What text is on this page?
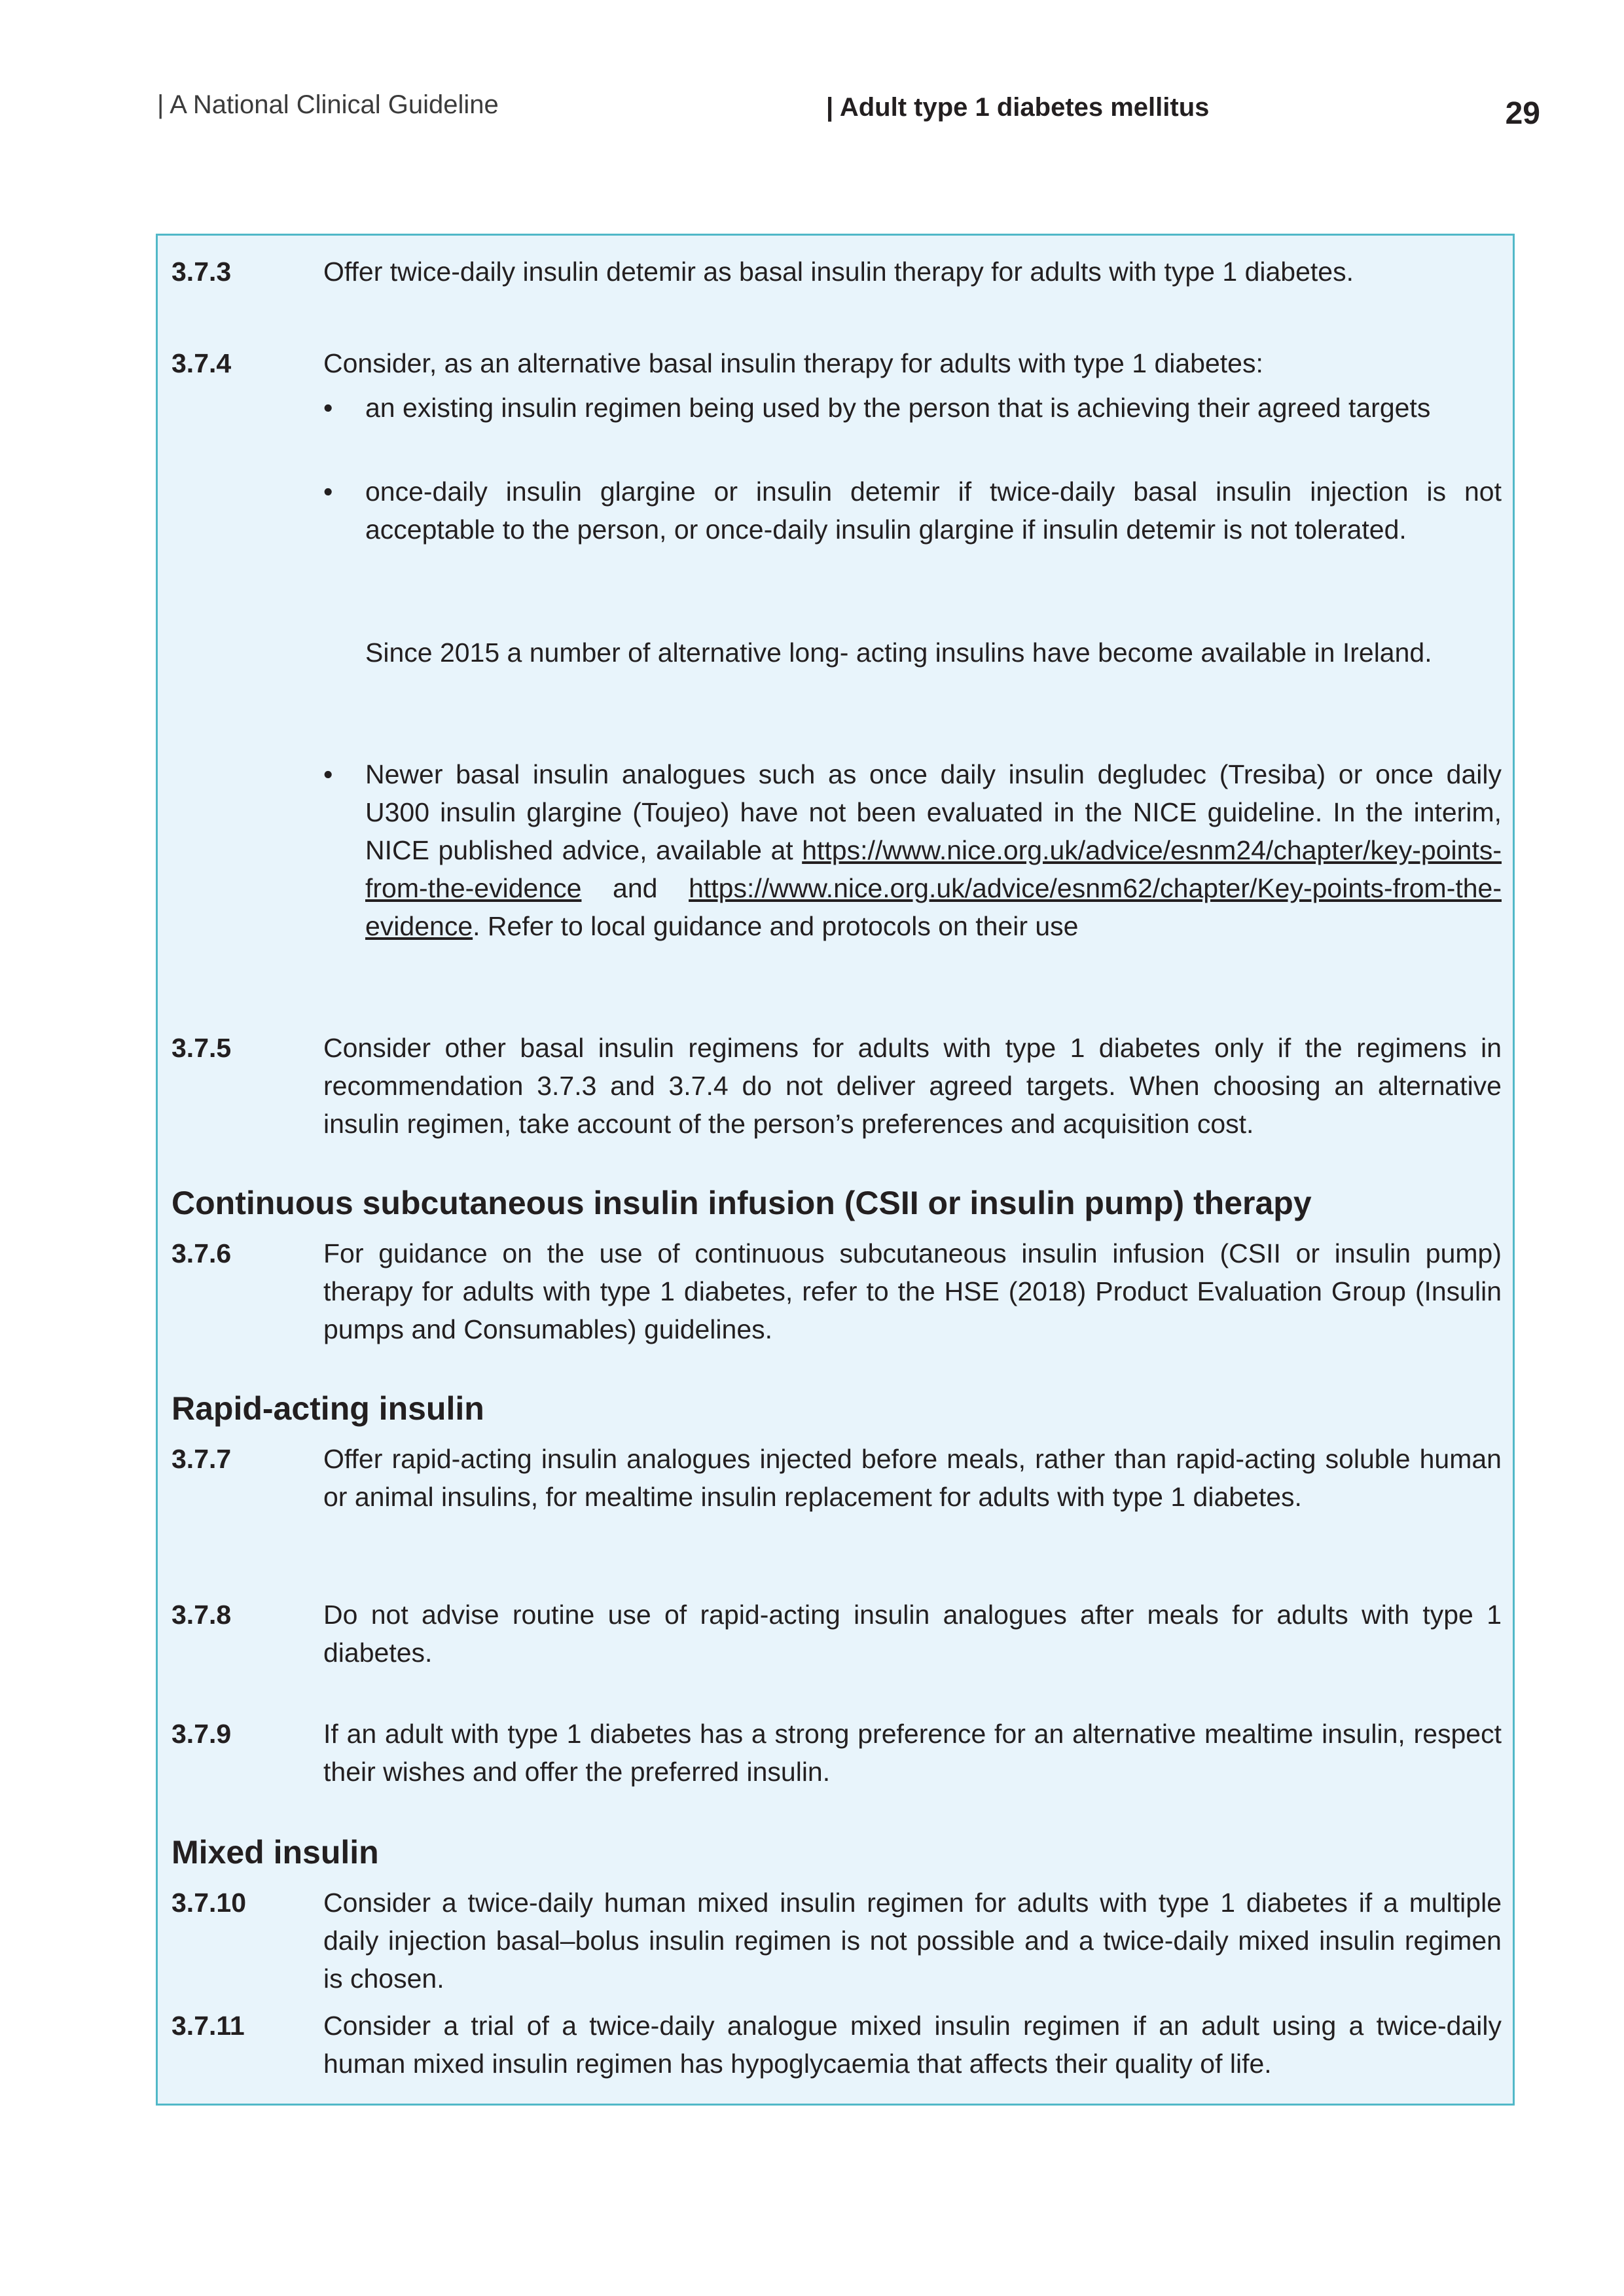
| A National Clinical Guideline	| Adult type 1 diabetes mellitus	29
3.7.3	Offer twice-daily insulin detemir as basal insulin therapy for adults with type 1 diabetes.
3.7.4	Consider, as an alternative basal insulin therapy for adults with type 1 diabetes:
• an existing insulin regimen being used by the person that is achieving their agreed targets
• once-daily insulin glargine or insulin detemir if twice-daily basal insulin injection is not acceptable to the person, or once-daily insulin glargine if insulin detemir is not tolerated.
Since 2015 a number of alternative long- acting insulins have become available in Ireland.
• Newer basal insulin analogues such as once daily insulin degludec (Tresiba) or once daily U300 insulin glargine (Toujeo) have not been evaluated in the NICE guideline. In the interim, NICE published advice, available at https://www.nice.org.uk/advice/esnm24/chapter/key-points-from-the-evidence and https://www.nice.org.uk/advice/esnm62/chapter/Key-points-from-the-evidence. Refer to local guidance and protocols on their use
3.7.5	Consider other basal insulin regimens for adults with type 1 diabetes only if the regimens in recommendation 3.7.3 and 3.7.4 do not deliver agreed targets. When choosing an alternative insulin regimen, take account of the person’s preferences and acquisition cost.
Continuous subcutaneous insulin infusion (CSII or insulin pump) therapy
3.7.6	For guidance on the use of continuous subcutaneous insulin infusion (CSII or insulin pump) therapy for adults with type 1 diabetes, refer to the HSE (2018) Product Evaluation Group (Insulin pumps and Consumables) guidelines.
Rapid-acting insulin
3.7.7	Offer rapid-acting insulin analogues injected before meals, rather than rapid-acting soluble human or animal insulins, for mealtime insulin replacement for adults with type 1 diabetes.
3.7.8	Do not advise routine use of rapid-acting insulin analogues after meals for adults with type 1 diabetes.
3.7.9	If an adult with type 1 diabetes has a strong preference for an alternative mealtime insulin, respect their wishes and offer the preferred insulin.
Mixed insulin
3.7.10	Consider a twice-daily human mixed insulin regimen for adults with type 1 diabetes if a multiple daily injection basal–bolus insulin regimen is not possible and a twice-daily mixed insulin regimen is chosen.
3.7.11	Consider a trial of a twice-daily analogue mixed insulin regimen if an adult using a twice-daily human mixed insulin regimen has hypoglycaemia that affects their quality of life.
